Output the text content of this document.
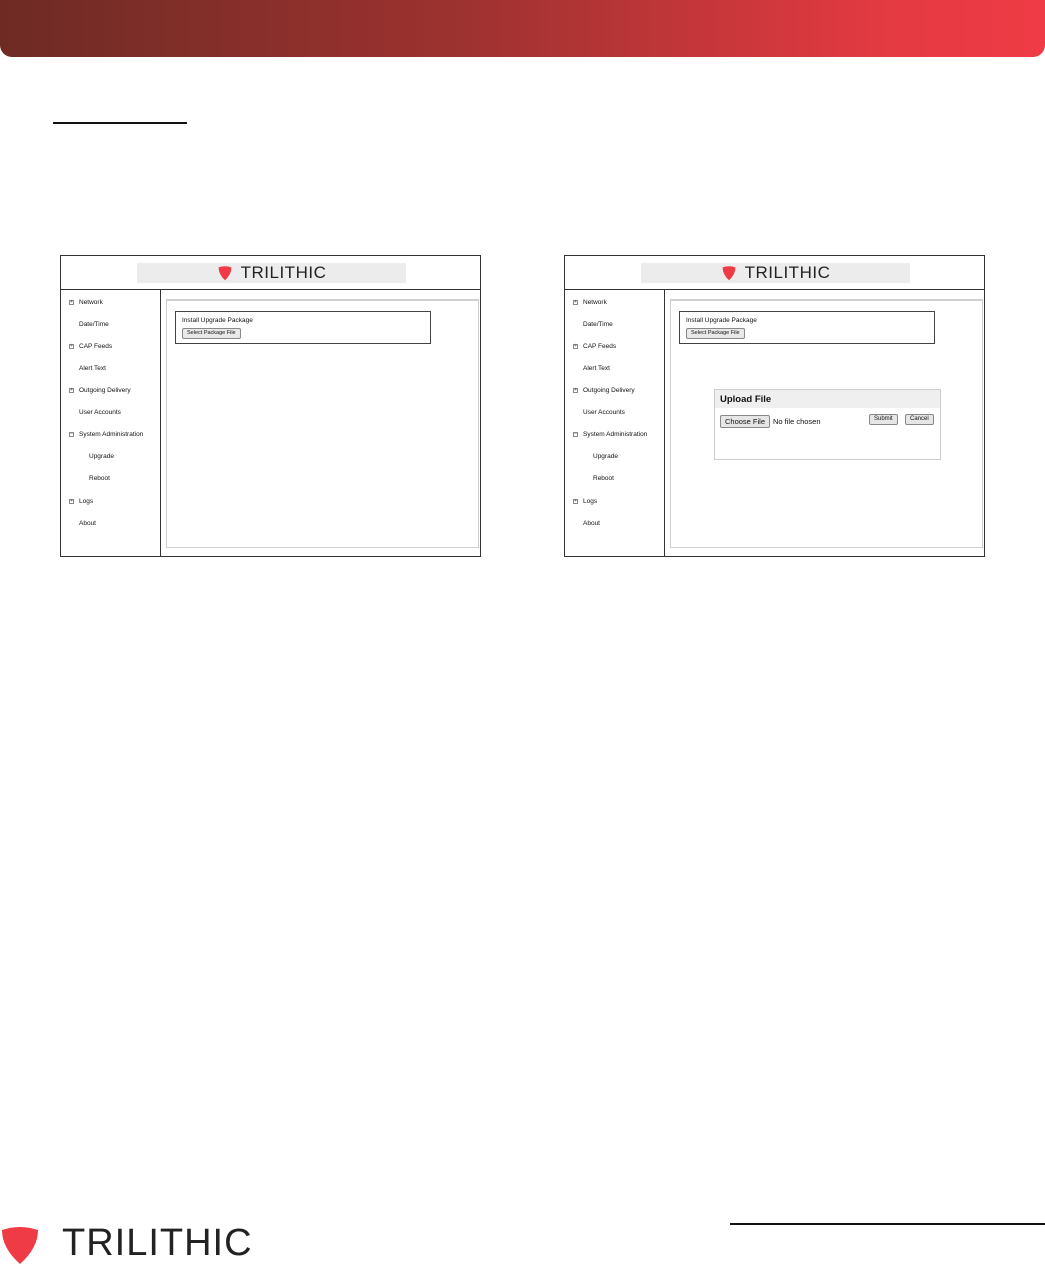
TRILITHIC
+ Network
Date/Time
+ CAP Feeds
Alert Text
+ Outgoing Delivery
User Accounts
− System Administration
Upgrade
Reboot
+ Logs
About
Install Upgrade Package
Select Package File
TRILITHIC
+ Network
Date/Time
+ CAP Feeds
Alert Text
+ Outgoing Delivery
User Accounts
− System Administration
Upgrade
Reboot
+ Logs
About
Install Upgrade Package
Select Package File
Upload File
Choose File	No file chosen	Submit	Cancel
TRILITHIC
